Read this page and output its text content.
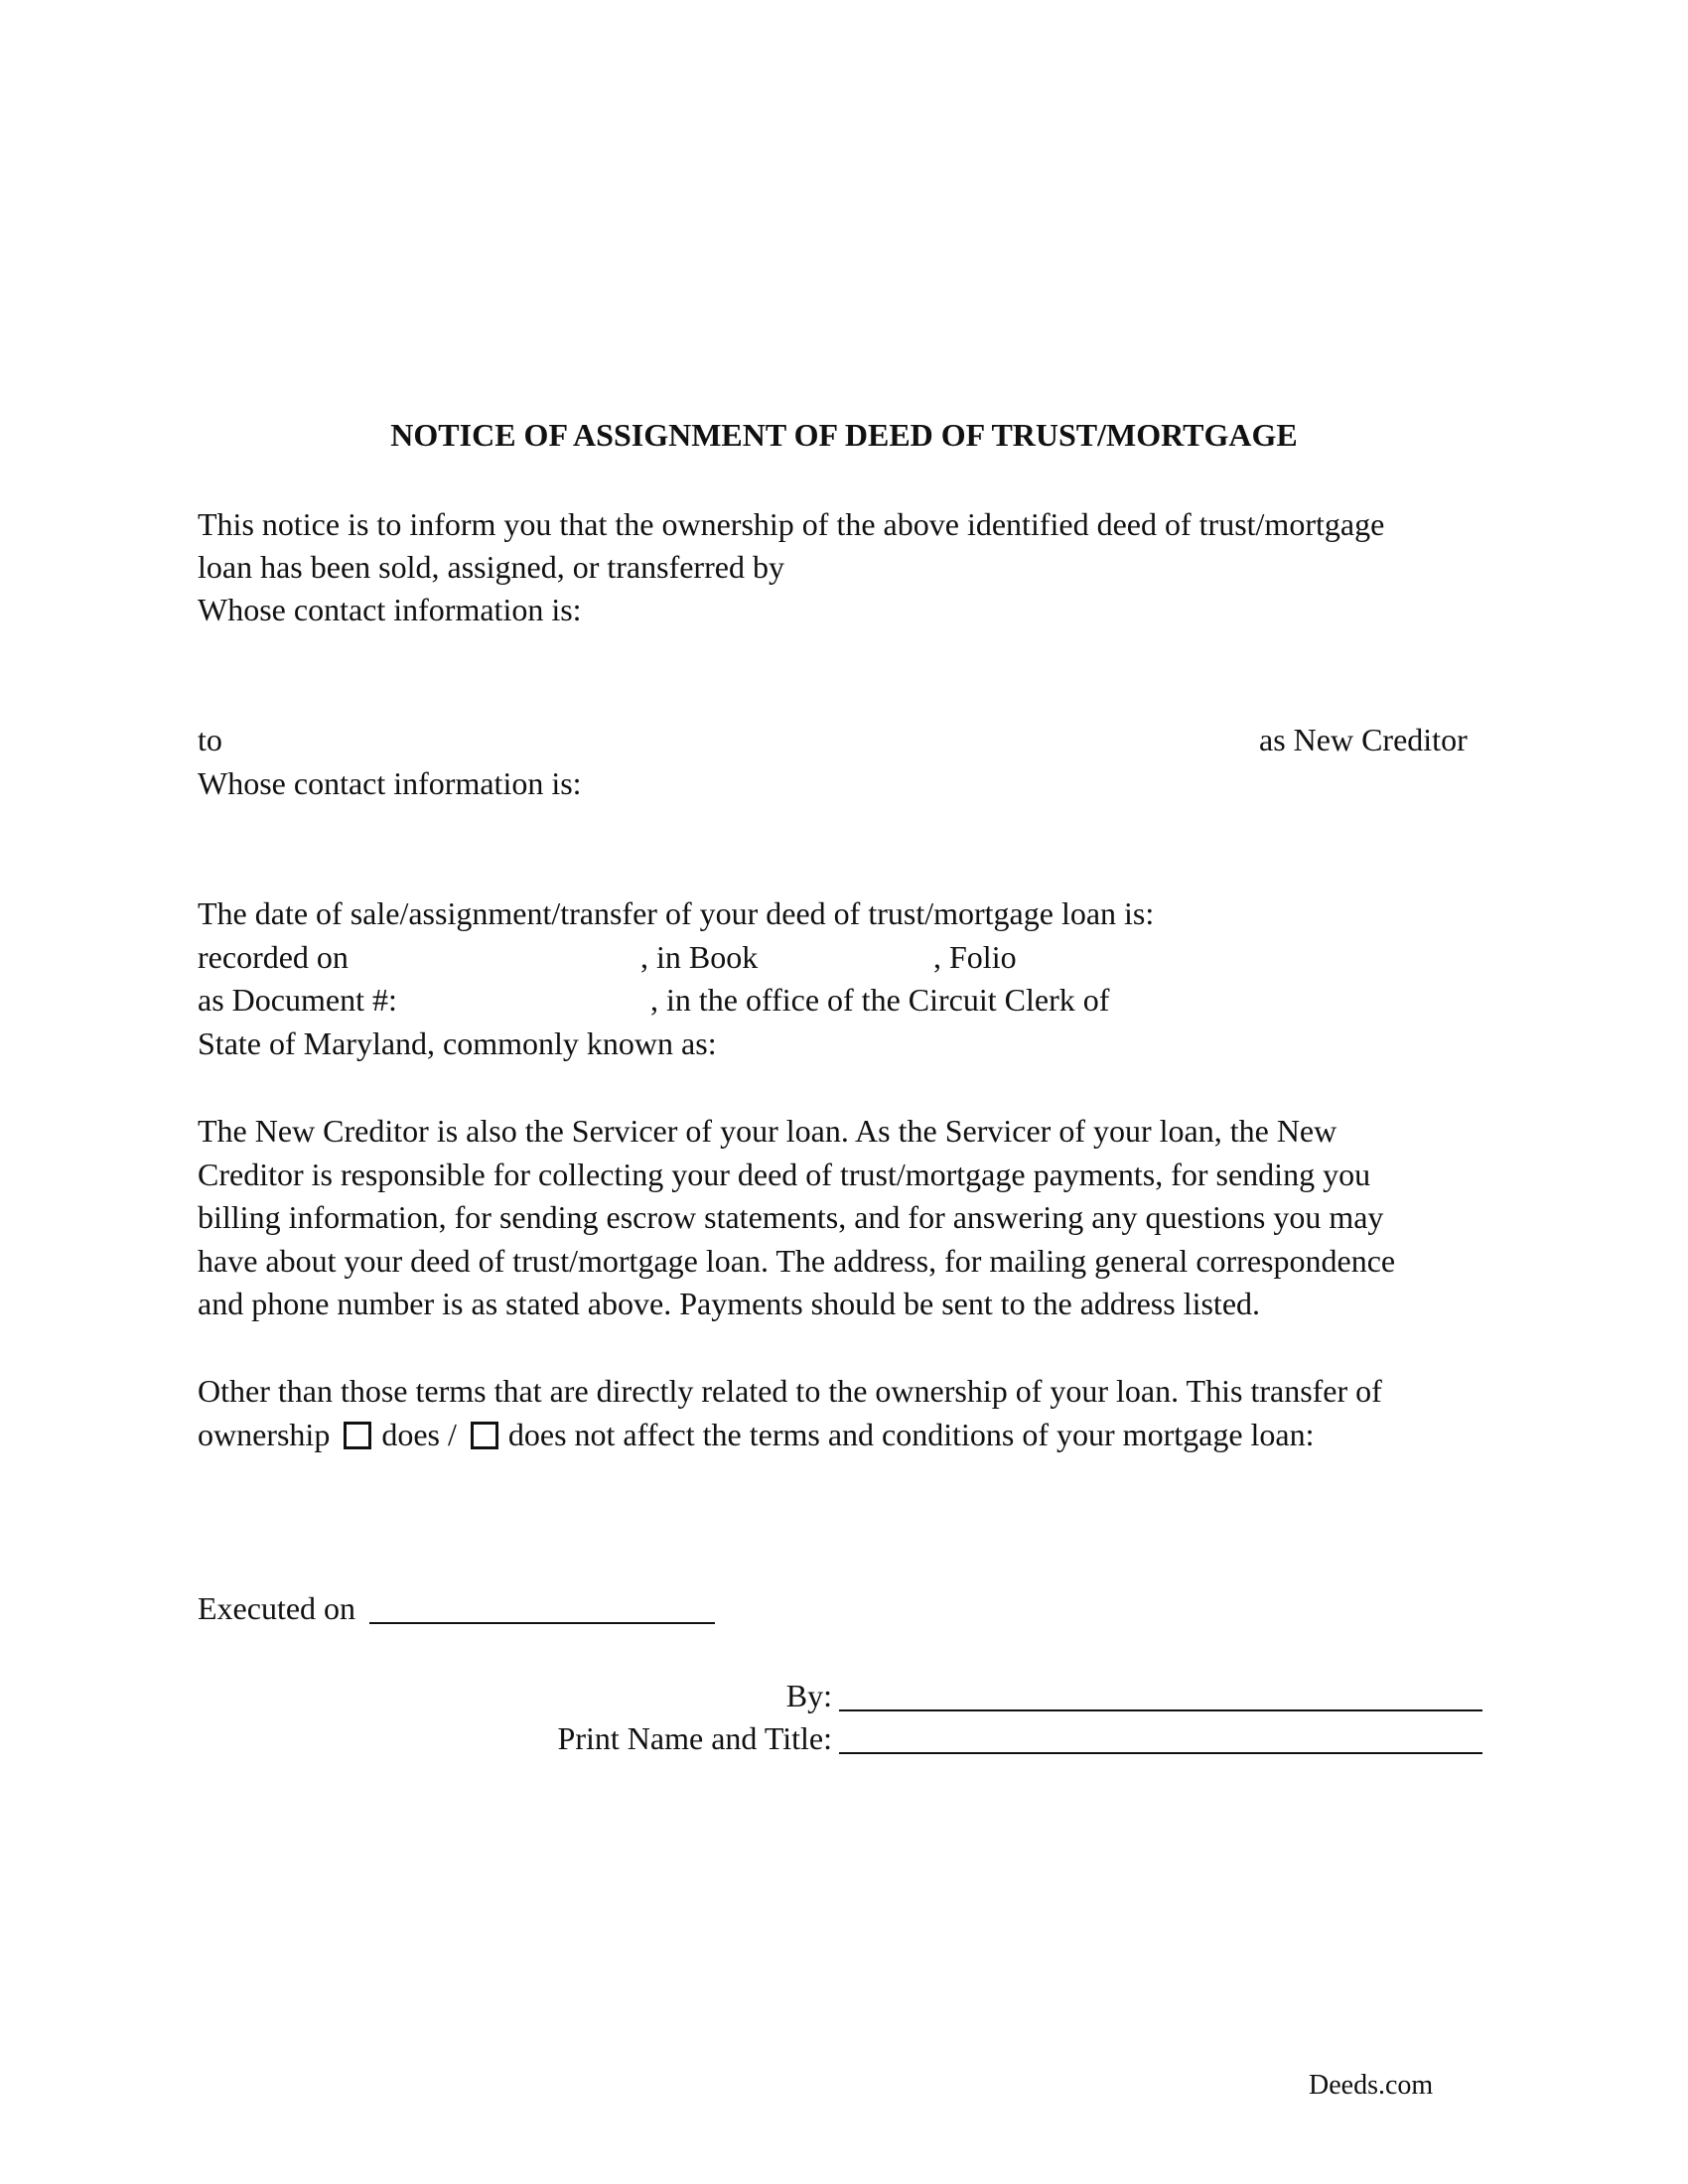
NOTICE OF ASSIGNMENT OF DEED OF TRUST/MORTGAGE
This notice is to inform you that the ownership of the above identified deed of trust/mortgage
loan has been sold, assigned, or transferred by
Whose contact information is:
to	as New Creditor
Whose contact information is:
The date of sale/assignment/transfer of your deed of trust/mortgage loan is:
recorded on	, in Book	, Folio
as Document #:	, in the office of the Circuit Clerk of
State of Maryland, commonly known as:
The New Creditor is also the Servicer of your loan. As the Servicer of your loan, the New
Creditor is responsible for collecting your deed of trust/mortgage payments, for sending you
billing information, for sending escrow statements, and for answering any questions you may
have about your deed of trust/mortgage loan. The address, for mailing general correspondence
and phone number is as stated above. Payments should be sent to the address listed.
Other than those terms that are directly related to the ownership of your loan. This transfer of
ownership does / does not affect the terms and conditions of your mortgage loan:
Executed on
By:
Print Name and Title:
Deeds.com
